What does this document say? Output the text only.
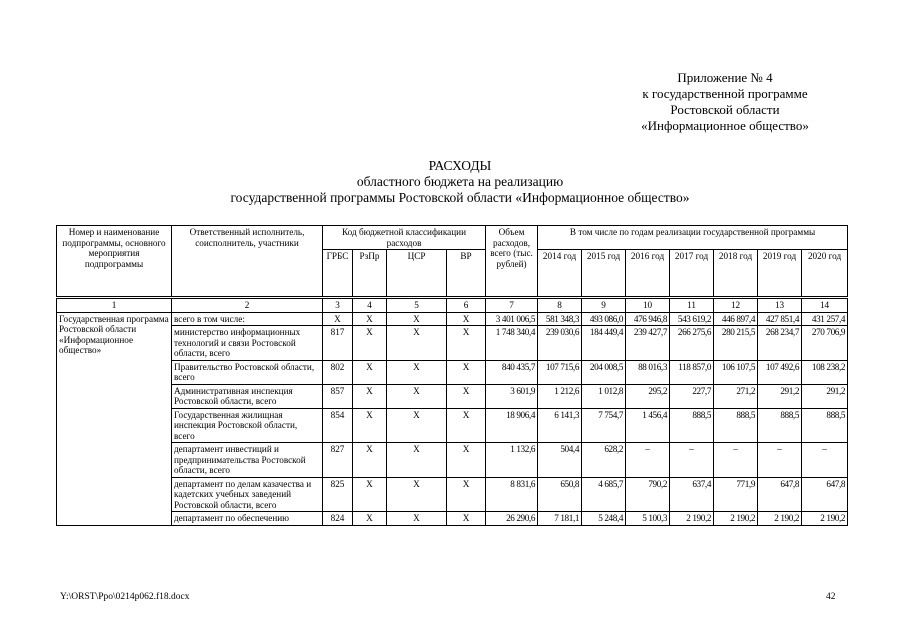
Приложение № 4
к государственной программе
Ростовской области
«Информационное общество»
РАСХОДЫ
областного бюджета на реализацию
государственной программы Ростовской области «Информационное общество»
Номер и наименование подпрограммы, основного мероприятия подпрограммы	Ответственный исполнитель, соисполнитель, участники	Код бюджетной классификации расходов				Объем расходов, всего (тыс. рублей)	В том числе по годам реализации государственной программы						
		ГРБС	РзПр	ЦСР	ВР		2014 год	2015 год	2016 год	2017 год	2018 год	2019 год	2020 год
1	2	3	4	5	6	7	8	9	10	11	12	13	14
Государственная программа Ростовской области «Информационное общество»	всего в том числе:	X	X	X	X	3 401 006,5	581 348,3	493 086,0	476 946,8	543 619,2	446 897,4	427 851,4	431 257,4
	министерство информационных технологий и связи Ростовской области, всего	817	X	X	X	1 748 340,4	239 030,6	184 449,4	239 427,7	266 275,6	280 215,5	268 234,7	270 706,9
	Правительство Ростовской области, всего	802	X	X	X	840 435,7	107 715,6	204 008,5	88 016,3	118 857,0	106 107,5	107 492,6	108 238,2
	Административная инспекция Ростовской области, всего	857	X	X	X	3 601,9	1 212,6	1 012,8	295,2	227,7	271,2	291,2	291,2
	Государственная жилищная инспекция Ростовской области, всего	854	X	X	X	18 906,4	6 141,3	7 754,7	1 456,4	888,5	888,5	888,5	888,5
	департамент инвестиций и предпринимательства Ростовской области, всего	827	X	X	X	1 132,6	504,4	628,2	–	–	–	–	–
	департамент по делам казачества и кадетских учебных заведений Ростовской области, всего	825	X	X	X	8 831,6	650,8	4 685,7	790,2	637,4	771,9	647,8	647,8
	департамент по обеспечению	824	X	X	X	26 290,6	7 181,1	5 248,4	5 100,3	2 190,2	2 190,2	2 190,2	2 190,2
Y:\ORST\Ppo\0214p062.f18.docx	42
